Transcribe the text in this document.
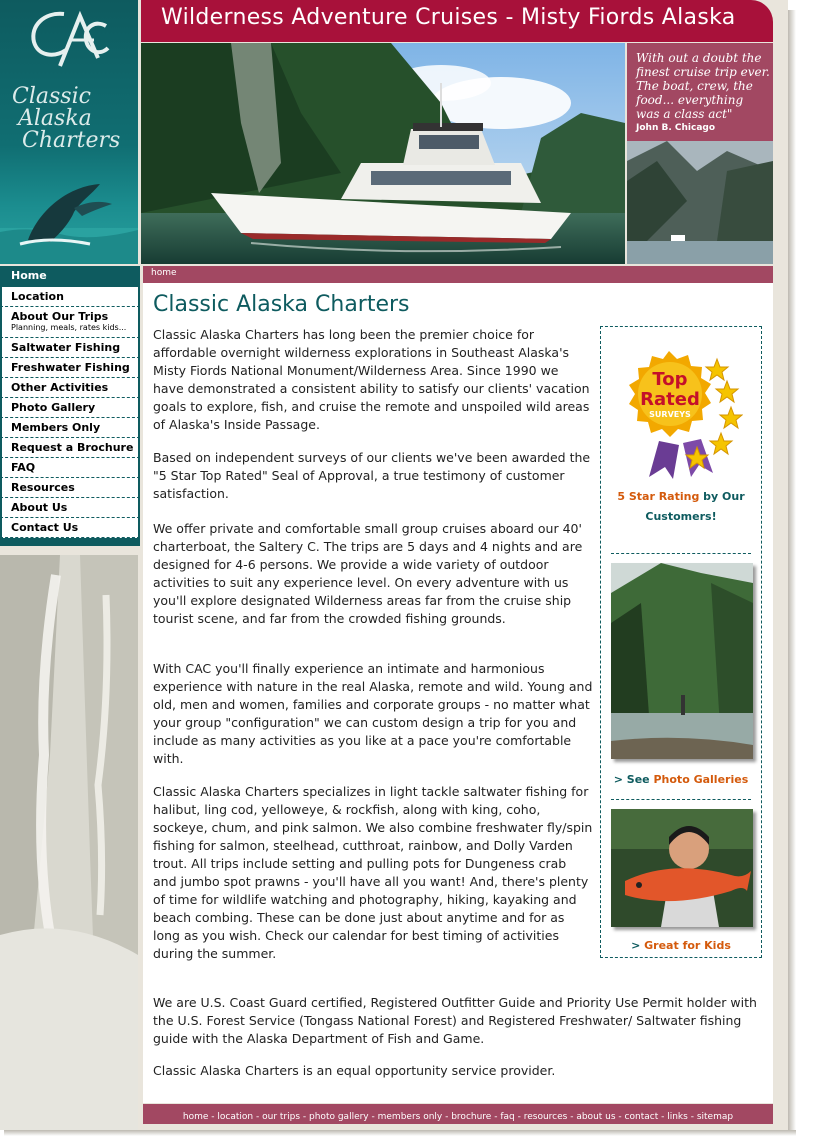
Classic
Alaska
Charters
Wilderness Adventure Cruises - Misty Fiords Alaska
With out a doubt the finest cruise trip ever. The boat, crew, the food... everything was a class act"
John B. Chicago
Home
Location
About Our Trips
Planning, meals, rates kids...
Saltwater Fishing
Freshwater Fishing
Other Activities
Photo Gallery
Members Only
Request a Brochure
FAQ
Resources
About Us
Contact Us
home
Classic Alaska Charters

Classic Alaska Charters has long been the premier choice for affordable overnight wilderness explorations in Southeast Alaska's Misty Fiords National Monument/Wilderness Area. Since 1990 we have demonstrated a consistent ability to satisfy our clients' vacation goals to explore, fish, and cruise the remote and unspoiled wild areas of Alaska's Inside Passage.

Based on independent surveys of our clients we've been awarded the "5 Star Top Rated" Seal of Approval, a true testimony of customer satisfaction.

We offer private and comfortable small group cruises aboard our 40' charterboat, the Saltery C. The trips are 5 days and 4 nights and are designed for 4-6 persons. We provide a wide variety of outdoor activities to suit any experience level. On every adventure with us you'll explore designated Wilderness areas far from the cruise ship tourist scene, and far from the crowded fishing grounds.

With CAC you'll finally experience an intimate and harmonious experience with nature in the real Alaska, remote and wild. Young and old, men and women, families and corporate groups - no matter what your group "configuration" we can custom design a trip for you and include as many activities as you like at a pace you're comfortable with.

Classic Alaska Charters specializes in light tackle saltwater fishing for halibut, ling cod, yelloweye, & rockfish, along with king, coho, sockeye, chum, and pink salmon. We also combine freshwater fly/spin fishing for salmon, steelhead, cutthroat, rainbow, and Dolly Varden trout. All trips include setting and pulling pots for Dungeness crab and jumbo spot prawns - you'll have all you want! And, there's plenty of time for wildlife watching and photography, hiking, kayaking and beach combing. These can be done just about anytime and for as long as you wish. Check our calendar for best timing of activities during the summer.

We are U.S. Coast Guard certified, Registered Outfitter Guide and Priority Use Permit holder with the U.S. Forest Service (Tongass National Forest) and Registered Freshwater/ Saltwater fishing guide with the Alaska Department of Fish and Game.

Classic Alaska Charters is an equal opportunity service provider.

Top
Rated
SURVEYS
5 Star Rating by Our Customers!
> See Photo Galleries
> Great for Kids
home - location - our trips - photo gallery - members only - brochure - faq - resources - about us - contact - links - sitemap
